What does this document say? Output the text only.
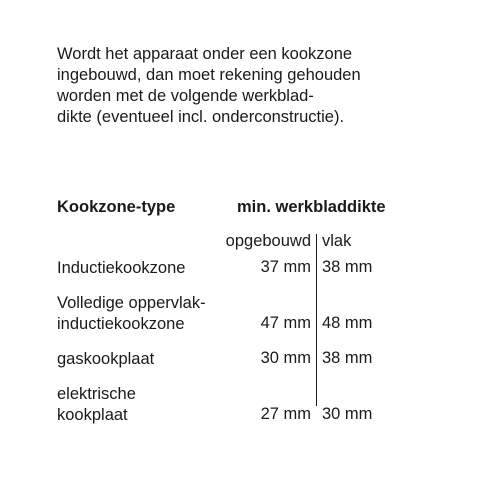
Wordt het apparaat onder een kookzone
ingebouwd, dan moet rekening gehouden
worden met de volgende werkblad-
dikte (eventueel incl. onderconstructie).

Kookzone-type	min. werkbladdikte
opgebouwd vlak
Inductiekookzone	37 mm 38 mm
Volledige oppervlak-
inductiekookzone	47 mm 48 mm
gaskookplaat	30 mm 38 mm
elektrische
kookplaat	27 mm 30 mm
